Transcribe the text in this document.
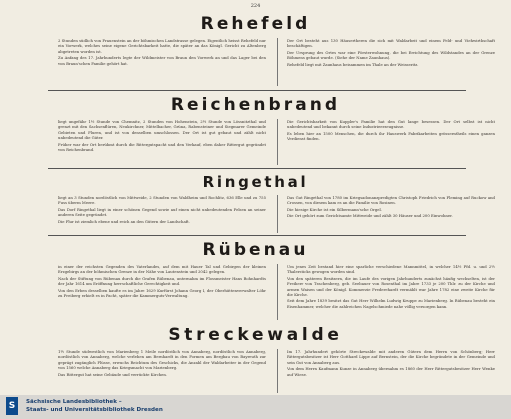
224
Rehefeld

2 Stunden südlich von Frauenstein an der böhmischen Landstrasse gelegen. Eigentlich heisst Rehefeld nur ein Vorwerk, welches seine eigene Gerichtsbarkeit hatte, die später an das Königl. Gericht zu Altenberg abgetreten worden ist.

Zu Anfang des 17. Jahrhunderts legte der Wildmeister von Braun den Vorwerk an und das Lager bei den von Braun'schen Familie gehört hat.

Der Ort besteht aus 130 Häusertheren die sich mit Waldarbeit und einem Feld- und Viehwirthschaft beschäftigen.

Der Ursprung des Ortes war eine Försterwohnung, die bei Errichtung des Wildstandes an der Grenze Böhmens gebaut wurde. (Siehe der Name Zaunhaus).

Rehefeld liegt mit Zaunhaus beisammen im Thale an der Weisseritz.

Reichenbrand

liegt ungefähr 1½ Stunde von Chemnitz, 2 Stunden von Hohenstein, 2½ Stunde von Lössnitzthal und grenzt mit den Sachsenflüren, Neukirchner, Mittelbacher, Grüna, Rabensteiner und Siegmarer Gemeinde Gebieten und Fluren, und ist von denselben umschlossen. Der Ort ist gut gebaut und zählt nicht unbedeutend die Güter.

Früher war der Ort berühmt durch die Rittergutspacht und den Verkauf, eben daher Rittergut gegründet von Reichenbrand.

Die Gerichtsbarkeit von Kuppler's Familie hat den Gut lange besessen. Der Ort selbst ist nicht unbedeutend und bekannt durch seine Industrieerzeugnisse.

Es leben hier an 1500 Menschen, die durch ihr Hauswerk Fabrikarbeiten grösserntheils einen ganzen Verdienst finden.

Ringethal

liegt an 3 Stunden nordöstlich von Mittweide, 2 Stunden von Waldheim und Rochlitz, 636 Elle und zu 755 Fuss überm Meere.

Das Dorf Ringethal liegt in einer schönen Gegend sowie auf einen nicht unbedeutenden Felsen an seiner anderen Seite gegründet.

Die Flur ist ziemlich ebene und reich an den Gütern der Landschaft.

Das Gut Ringethal von 1780 im Kriegsadonanzpredigten Christoph Friedrich von Fleming auf Ruckow and Crossen, von diesem kam es an die Familie von Rosinen.

Die hiesige Kirche ist ein Silbermann'sche Orgel.

Die Ort gehört zum Gerichtsamte Mittweide und zählt 30 Häuser und 200 Einwohner.

Rübenau

in einer der reichsten Gegenden des Vaterlandes, auf dem mit Hauer Tal und Gebirgen der kleinen Erzgebirgs an der böhmischen Grenze in der Nähe von Lautenstein und 2042 gelegen.

Nach der Stiftung von Rübenau durch die Grafen Rübenau, unternahm im Flossmeister Hans Bohnhardts der Jahr 1614 um Eröffnung herrschaftliche Gerechtigkeit und.

Von den Erben desselben kaufte es im Jahre 1629 Kurfürst Johann Georg I, der Oberhüttenverwalter Löhr zu Freiberg erhielt es in Pacht, später die Kammerguts-Verwaltung.

Um jenes Zeit bestand hier eine sparliche verschiedene Mannmittel, in welcher 14½ Pfd. u. und 2½ Thalersticks gewogen worden sind.

Von den späteren Besitzern, die im Laufe des vorigen Jahrhunderts zunächst häufig wechselten, ist der Freiherr von Trachenberg, geb. Seebauer von Rosenthal im Jahre 1733 je 200 Thlr. zu der Kirche und armen Waisen und der Königl. Kommerzie Frederehardt vermählt war Jahre 1782 eine zweite Kirche für die Kirche.

Seit dem Jahre 1839 besitzt das Gut Herr Wilhelm Ludwig Kruppe zu Marienberg. In Rübenau besteht ein Eisenhammer, welcher die zahlreichen Nagelschmiede nahe völlig versorgen kann.

Streckewalde

1½ Stunde südwestlich von Marienberg 1 Meile nordöstlich von Annaberg, nordöstlich von Annaberg, nordöstlich von Annaberg, welche verlehen am Bernhardt in den Formen am Bergbau von Bayreuth zur geprägt zugänglich Flüsse, erwuchs Reichtum des Geschicks, die Anzahl der Waldarbeiter in der Gegend von 1560 welche Annaberg das Kriegsmacht von Marienberg.

Das Rittergut hat seine Gebäude und verrückte Kirchen.

Im 17. Jahrhundert gehörte Streckewalde mit anderen Gütern dem Herrn von Schönberg; Herr Rittergutsbesitzer ist Herr Gotthard Lippe auf Bernstein, der die Kirche begründete in der Gemeinde und sein Gut von Annaberg aus.

Von dem Herrn Kaufmann Kunze in Annaberg übernahm es 1860 der Herr Rittergutsbesitzer Herr Wenke auf Wiese.

S	Sächsische Landesbibliothek –
Staats- und Universitätsbibliothek Dresden
